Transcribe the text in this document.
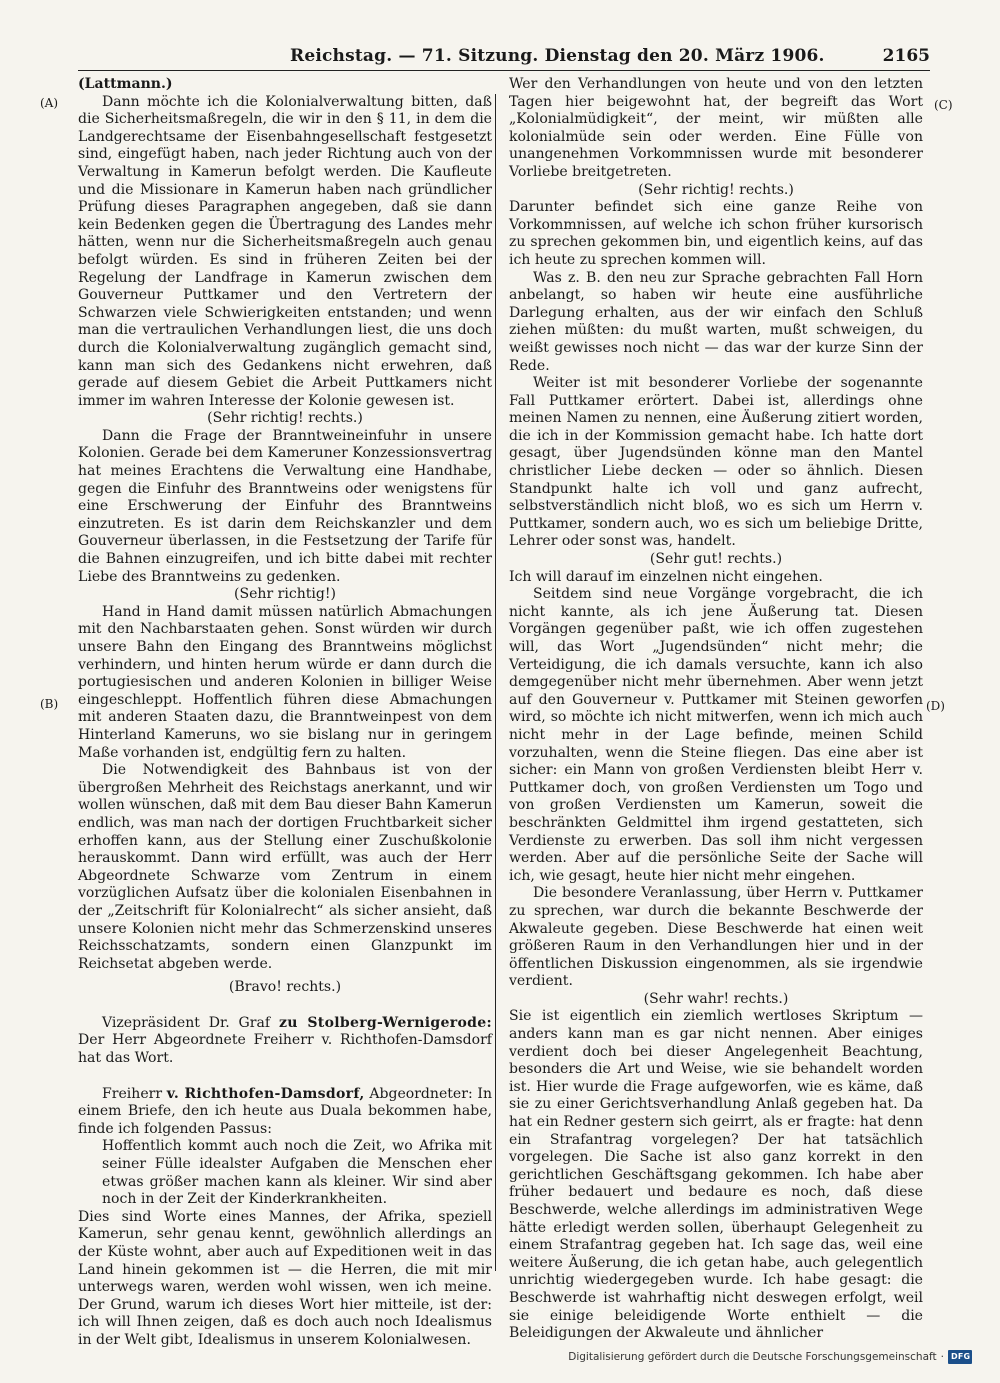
Reichstag. — 71. Sitzung. Dienstag den 20. März 1906.	2165
(A)
(B)
(C)
(D)

(Lattmann.)

Dann möchte ich die Kolonialverwaltung bitten, daß die Sicherheitsmaßregeln, die wir in den § 11, in dem die Landgerechtsame der Eisenbahngesellschaft festgesetzt sind, eingefügt haben, nach jeder Richtung auch von der Verwaltung in Kamerun befolgt werden. Die Kaufleute und die Missionare in Kamerun haben nach gründlicher Prüfung dieses Paragraphen angegeben, daß sie dann kein Bedenken gegen die Übertragung des Landes mehr hätten, wenn nur die Sicherheitsmaßregeln auch genau befolgt würden. Es sind in früheren Zeiten bei der Regelung der Landfrage in Kamerun zwischen dem Gouverneur Puttkamer und den Vertretern der Schwarzen viele Schwierigkeiten entstanden; und wenn man die vertraulichen Verhandlungen liest, die uns doch durch die Kolonialverwaltung zugänglich gemacht sind, kann man sich des Gedankens nicht erwehren, daß gerade auf diesem Gebiet die Arbeit Puttkamers nicht immer im wahren Interesse der Kolonie gewesen ist.

(Sehr richtig! rechts.)

Dann die Frage der Branntweineinfuhr in unsere Kolonien. Gerade bei dem Kameruner Konzessionsvertrag hat meines Erachtens die Verwaltung eine Handhabe, gegen die Einfuhr des Branntweins oder wenigstens für eine Erschwerung der Einfuhr des Branntweins einzutreten. Es ist darin dem Reichskanzler und dem Gouverneur überlassen, in die Festsetzung der Tarife für die Bahnen einzugreifen, und ich bitte dabei mit rechter Liebe des Branntweins zu gedenken.

(Sehr richtig!)

Hand in Hand damit müssen natürlich Abmachungen mit den Nachbarstaaten gehen. Sonst würden wir durch unsere Bahn den Eingang des Branntweins möglichst verhindern, und hinten herum würde er dann durch die portugiesischen und anderen Kolonien in billiger Weise eingeschleppt. Hoffentlich führen diese Abmachungen mit anderen Staaten dazu, die Branntweinpest von dem Hinterland Kameruns, wo sie bislang nur in geringem Maße vorhanden ist, endgültig fern zu halten.

Die Notwendigkeit des Bahnbaus ist von der übergroßen Mehrheit des Reichstags anerkannt, und wir wollen wünschen, daß mit dem Bau dieser Bahn Kamerun endlich, was man nach der dortigen Fruchtbarkeit sicher erhoffen kann, aus der Stellung einer Zuschußkolonie herauskommt. Dann wird erfüllt, was auch der Herr Abgeordnete Schwarze vom Zentrum in einem vorzüglichen Aufsatz über die kolonialen Eisenbahnen in der „Zeitschrift für Kolonialrecht“ als sicher ansieht, daß unsere Kolonien nicht mehr das Schmerzenskind unseres Reichsschatzamts, sondern einen Glanzpunkt im Reichsetat abgeben werde.

(Bravo! rechts.)

Vizepräsident Dr. Graf zu Stolberg-Wernigerode: Der Herr Abgeordnete Freiherr v. Richthofen-Damsdorf hat das Wort.

Freiherr v. Richthofen-Damsdorf, Abgeordneter: In einem Briefe, den ich heute aus Duala bekommen habe, finde ich folgenden Passus:

Hoffentlich kommt auch noch die Zeit, wo Afrika mit seiner Fülle idealster Aufgaben die Menschen eher etwas größer machen kann als kleiner. Wir sind aber noch in der Zeit der Kinderkrankheiten.

Dies sind Worte eines Mannes, der Afrika, speziell Kamerun, sehr genau kennt, gewöhnlich allerdings an der Küste wohnt, aber auch auf Expeditionen weit in das Land hinein gekommen ist — die Herren, die mit mir unterwegs waren, werden wohl wissen, wen ich meine. Der Grund, warum ich dieses Wort hier mitteile, ist der: ich will Ihnen zeigen, daß es doch auch noch Idealismus in der Welt gibt, Idealismus in unserem Kolonialwesen.

Wer den Verhandlungen von heute und von den letzten Tagen hier beigewohnt hat, der begreift das Wort „Kolonialmüdigkeit“, der meint, wir müßten alle kolonialmüde sein oder werden. Eine Fülle von unangenehmen Vorkommnissen wurde mit besonderer Vorliebe breitgetreten.

(Sehr richtig! rechts.)

Darunter befindet sich eine ganze Reihe von Vorkommnissen, auf welche ich schon früher kursorisch zu sprechen gekommen bin, und eigentlich keins, auf das ich heute zu sprechen kommen will.

Was z. B. den neu zur Sprache gebrachten Fall Horn anbelangt, so haben wir heute eine ausführliche Darlegung erhalten, aus der wir einfach den Schluß ziehen müßten: du mußt warten, mußt schweigen, du weißt gewisses noch nicht — das war der kurze Sinn der Rede.

Weiter ist mit besonderer Vorliebe der sogenannte Fall Puttkamer erörtert. Dabei ist, allerdings ohne meinen Namen zu nennen, eine Äußerung zitiert worden, die ich in der Kommission gemacht habe. Ich hatte dort gesagt, über Jugendsünden könne man den Mantel christlicher Liebe decken — oder so ähnlich. Diesen Standpunkt halte ich voll und ganz aufrecht, selbstverständlich nicht bloß, wo es sich um Herrn v. Puttkamer, sondern auch, wo es sich um beliebige Dritte, Lehrer oder sonst was, handelt.

(Sehr gut! rechts.)

Ich will darauf im einzelnen nicht eingehen.

Seitdem sind neue Vorgänge vorgebracht, die ich nicht kannte, als ich jene Äußerung tat. Diesen Vorgängen gegenüber paßt, wie ich offen zugestehen will, das Wort „Jugendsünden“ nicht mehr; die Verteidigung, die ich damals versuchte, kann ich also demgegenüber nicht mehr übernehmen. Aber wenn jetzt auf den Gouverneur v. Puttkamer mit Steinen geworfen wird, so möchte ich nicht mitwerfen, wenn ich mich auch nicht mehr in der Lage befinde, meinen Schild vorzuhalten, wenn die Steine fliegen. Das eine aber ist sicher: ein Mann von großen Verdiensten bleibt Herr v. Puttkamer doch, von großen Verdiensten um Togo und von großen Verdiensten um Kamerun, soweit die beschränkten Geldmittel ihm irgend gestatteten, sich Verdienste zu erwerben. Das soll ihm nicht vergessen werden. Aber auf die persönliche Seite der Sache will ich, wie gesagt, heute hier nicht mehr eingehen.

Die besondere Veranlassung, über Herrn v. Puttkamer zu sprechen, war durch die bekannte Beschwerde der Akwaleute gegeben. Diese Beschwerde hat einen weit größeren Raum in den Verhandlungen hier und in der öffentlichen Diskussion eingenommen, als sie irgendwie verdient.

(Sehr wahr! rechts.)

Sie ist eigentlich ein ziemlich wertloses Skriptum — anders kann man es gar nicht nennen. Aber einiges verdient doch bei dieser Angelegenheit Beachtung, besonders die Art und Weise, wie sie behandelt worden ist. Hier wurde die Frage aufgeworfen, wie es käme, daß sie zu einer Gerichtsverhandlung Anlaß gegeben hat. Da hat ein Redner gestern sich geirrt, als er fragte: hat denn ein Strafantrag vorgelegen? Der hat tatsächlich vorgelegen. Die Sache ist also ganz korrekt in den gerichtlichen Geschäftsgang gekommen. Ich habe aber früher bedauert und bedaure es noch, daß diese Beschwerde, welche allerdings im administrativen Wege hätte erledigt werden sollen, überhaupt Gelegenheit zu einem Strafantrag gegeben hat. Ich sage das, weil eine weitere Äußerung, die ich getan habe, auch gelegentlich unrichtig wiedergegeben wurde. Ich habe gesagt: die Beschwerde ist wahrhaftig nicht deswegen erfolgt, weil sie einige beleidigende Worte enthielt — die Beleidigungen der Akwaleute und ähnlicher

Digitalisierung gefördert durch die Deutsche Forschungsgemeinschaft · DFG
